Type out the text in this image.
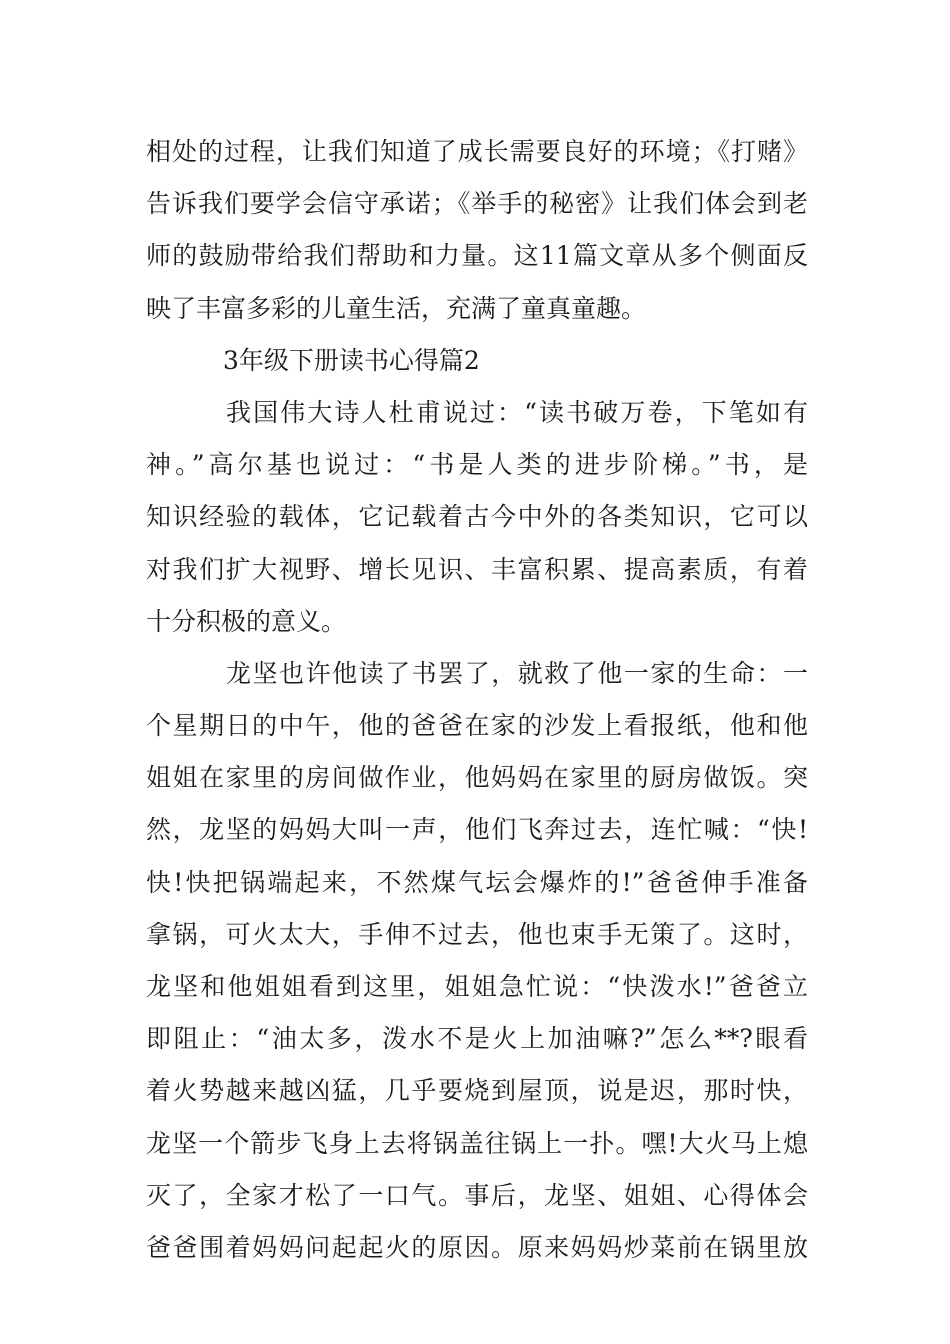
相处的过程，让我们知道了成长需要良好的环境；《打赌》
告诉我们要学会信守承诺；《举手的秘密》让我们体会到老
师的鼓励带给我们帮助和力量。这11篇文章从多个侧面反
映了丰富多彩的儿童生活，充满了童真童趣。
3年级下册读书心得篇2
我国伟大诗人杜甫说过：“读书破万卷，下笔如有
神。”高尔基也说过：“书是人类的进步阶梯。”书，是
知识经验的载体，它记载着古今中外的各类知识，它可以
对我们扩大视野、增长见识、丰富积累、提高素质，有着
十分积极的意义。
龙坚也许他读了书罢了，就救了他一家的生命：一
个星期日的中午，他的爸爸在家的沙发上看报纸，他和他
姐姐在家里的房间做作业，他妈妈在家里的厨房做饭。突
然，龙坚的妈妈大叫一声，他们飞奔过去，连忙喊：“快!
快!快把锅端起来，不然煤气坛会爆炸的!”爸爸伸手准备
拿锅，可火太大，手伸不过去，他也束手无策了。这时，
龙坚和他姐姐看到这里，姐姐急忙说：“快泼水!”爸爸立
即阻止：“油太多，泼水不是火上加油嘛?”怎么**?眼看
着火势越来越凶猛，几乎要烧到屋顶，说是迟，那时快，
龙坚一个箭步飞身上去将锅盖往锅上一扑。嘿!大火马上熄
灭了，全家才松了一口气。事后，龙坚、姐姐、心得体会
爸爸围着妈妈问起起火的原因。原来妈妈炒菜前在锅里放
